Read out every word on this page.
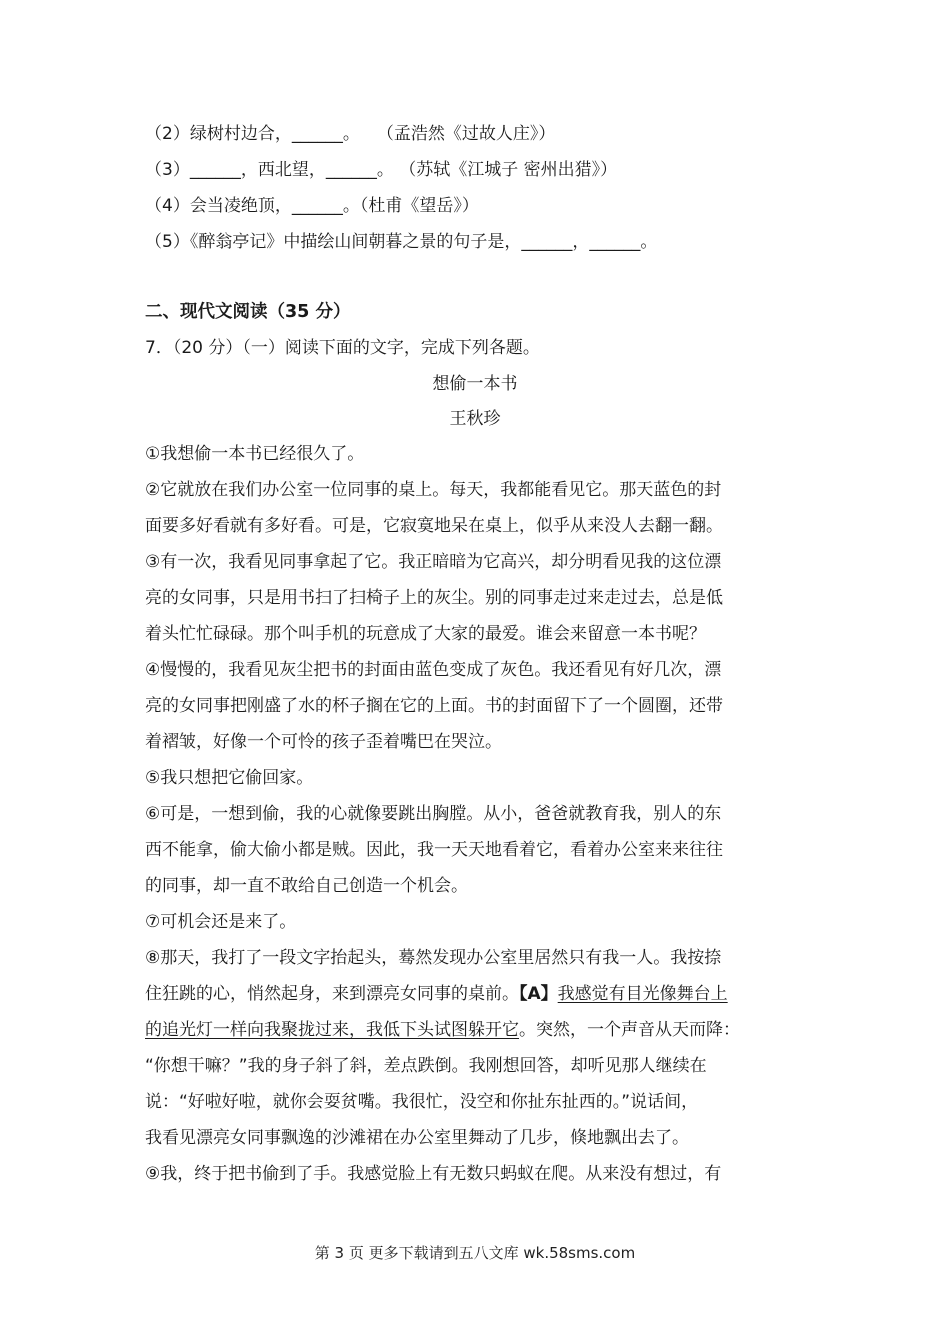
（2）绿树村边合，______。　　（孟浩然《过故人庄》）
（3）______，西北望，______。 （苏轼《江城子 密州出猎》）
（4）会当凌绝顶，______。（杜甫《望岳》）
（5）《醉翁亭记》中描绘山间朝暮之景的句子是，______，______。
二、现代文阅读（35 分）
7．（20 分）（一）阅读下面的文字，完成下列各题。
想偷一本书
王秋珍
①我想偷一本书已经很久了。
②它就放在我们办公室一位同事的桌上。每天，我都能看见它。那天蓝色的封
面要多好看就有多好看。可是，它寂寞地呆在桌上，似乎从来没人去翻一翻。
③有一次，我看见同事拿起了它。我正暗暗为它高兴，却分明看见我的这位漂
亮的女同事，只是用书扫了扫椅子上的灰尘。别的同事走过来走过去，总是低
着头忙忙碌碌。那个叫手机的玩意成了大家的最爱。谁会来留意一本书呢？
④慢慢的，我看见灰尘把书的封面由蓝色变成了灰色。我还看见有好几次，漂
亮的女同事把刚盛了水的杯子搁在它的上面。书的封面留下了一个圆圈，还带
着褶皱，好像一个可怜的孩子歪着嘴巴在哭泣。
⑤我只想把它偷回家。
⑥可是，一想到偷，我的心就像要跳出胸膛。从小，爸爸就教育我，别人的东
西不能拿，偷大偷小都是贼。因此，我一天天地看着它，看着办公室来来往往
的同事，却一直不敢给自己创造一个机会。
⑦可机会还是来了。
⑧那天，我打了一段文字抬起头，蓦然发现办公室里居然只有我一人。我按捺
住狂跳的心，悄然起身，来到漂亮女同事的桌前。【A】我感觉有目光像舞台上
的追光灯一样向我聚拢过来，我低下头试图躲开它。突然，一个声音从天而降：
“你想干嘛？”我的身子斜了斜，差点跌倒。我刚想回答，却听见那人继续在
说：“好啦好啦，就你会耍贫嘴。我很忙，没空和你扯东扯西的。”说话间，
我看见漂亮女同事飘逸的沙滩裙在办公室里舞动了几步，倏地飘出去了。
⑨我，终于把书偷到了手。我感觉脸上有无数只蚂蚁在爬。从来没有想过，有
第 3 页 更多下载请到五八文库 wk.58sms.com
